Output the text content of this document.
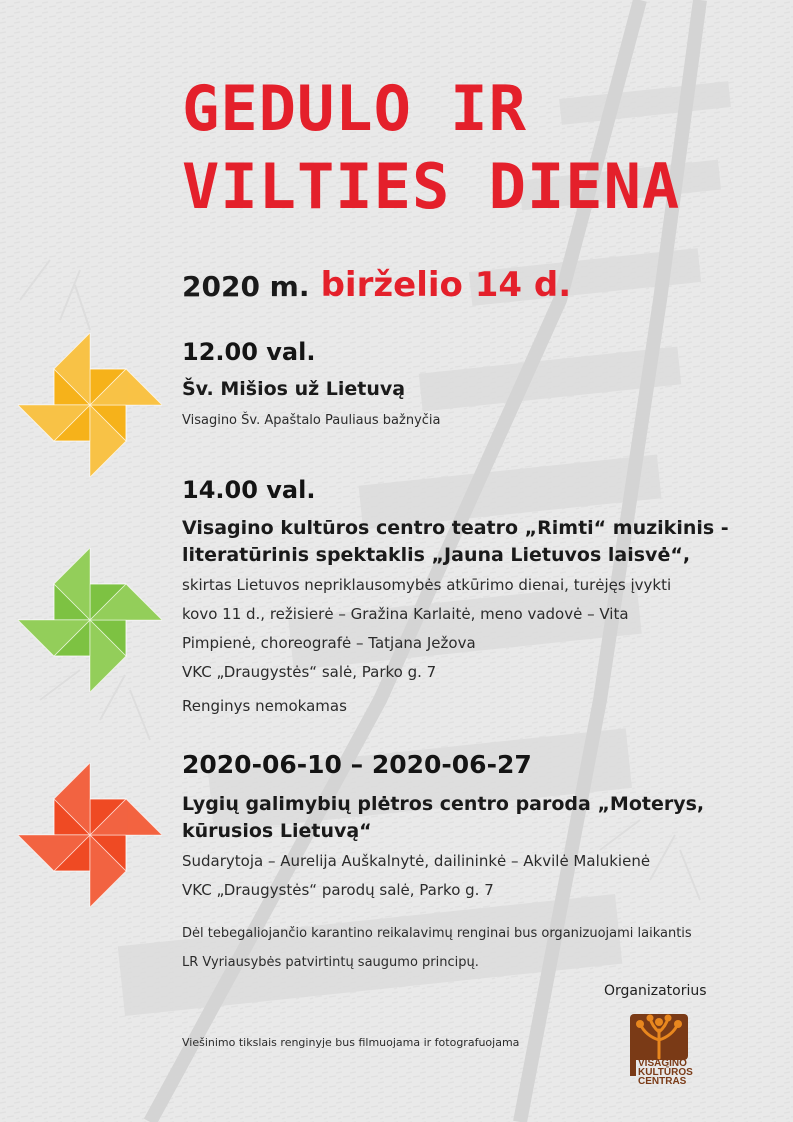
GEDULO IR
VILTIES DIENA
2020 m. birželio 14 d.
12.00 val.
Šv. Mišios už Lietuvą
Visagino Šv. Apaštalo Pauliaus bažnyčia
14.00 val.
Visagino kultūros centro teatro „Rimti“ muzikinis -
literatūrinis spektaklis „Jauna Lietuvos laisvė“,
skirtas Lietuvos nepriklausomybės atkūrimo dienai, turėjęs įvykti
kovo 11 d., režisierė – Gražina Karlaitė, meno vadovė – Vita
Pimpienė, choreografė – Tatjana Ježova
VKC „Draugystės“ salė, Parko g. 7
Renginys nemokamas
2020-06-10 – 2020-06-27
Lygių galimybių plėtros centro paroda „Moterys,
kūrusios Lietuvą“
Sudarytoja – Aurelija Auškalnytė, dailininkė – Akvilė Malukienė
VKC „Draugystės“ parodų salė, Parko g. 7
Dėl tebegaliojančio karantino reikalavimų renginai bus organizuojami laikantis
LR Vyriausybės patvirtintų saugumo principų.
Organizatorius
Viešinimo tikslais renginyje bus filmuojama ir fotografuojama
VISAGINO
KULTŪROS
CENTRAS
